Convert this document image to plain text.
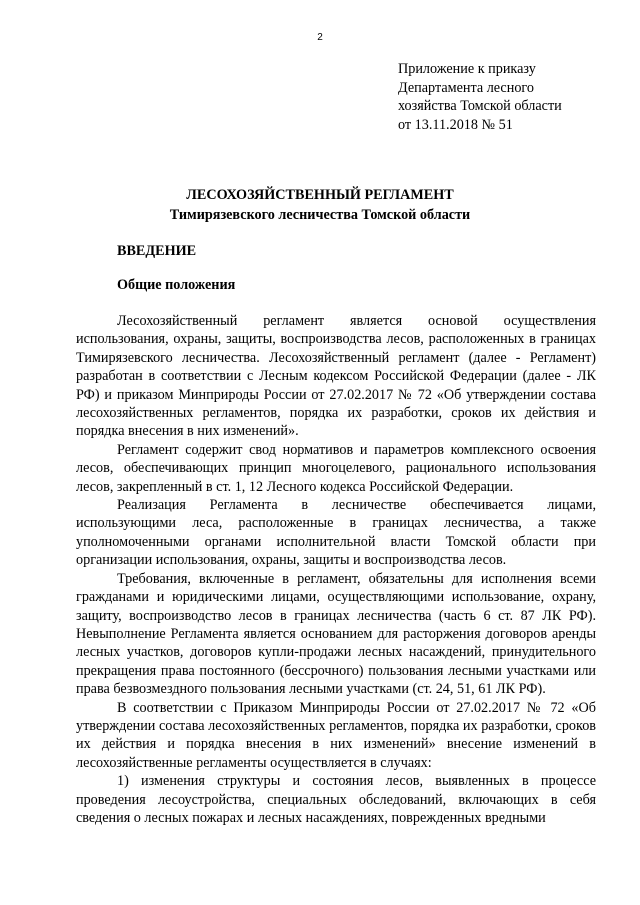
2
Приложение к приказу
Департамента лесного
хозяйства Томской области
от 13.11.2018 № 51
ЛЕСОХОЗЯЙСТВЕННЫЙ РЕГЛАМЕНТ
Тимирязевского лесничества Томской области
ВВЕДЕНИЕ
Общие положения

Лесохозяйственный регламент является основой осуществления использования, охраны, защиты, воспроизводства лесов, расположенных в границах Тимирязевского лесничества. Лесохозяйственный регламент (далее - Регламент) разработан в соответствии с Лесным кодексом Российской Федерации (далее - ЛК РФ) и приказом Минприроды России от 27.02.2017 № 72 «Об утверждении состава лесохозяйственных регламентов, порядка их разработки, сроков их действия и порядка внесения в них изменений».

Регламент содержит свод нормативов и параметров комплексного освоения лесов, обеспечивающих принцип многоцелевого, рационального использования лесов, закрепленный в ст. 1, 12 Лесного кодекса Российской Федерации.

Реализация Регламента в лесничестве обеспечивается лицами, использующими леса, расположенные в границах лесничества, а также уполномоченными органами исполнительной власти Томской области при организации использования, охраны, защиты и воспроизводства лесов.

Требования, включенные в регламент, обязательны для исполнения всеми гражданами и юридическими лицами, осуществляющими использование, охрану, защиту, воспроизводство лесов в границах лесничества (часть 6 ст. 87 ЛК РФ). Невыполнение Регламента является основанием для расторжения договоров аренды лесных участков, договоров купли-продажи лесных насаждений, принудительного прекращения права постоянного (бессрочного) пользования лесными участками или права безвозмездного пользования лесными участками (ст. 24, 51, 61 ЛК РФ).

В соответствии с Приказом Минприроды России от 27.02.2017 № 72 «Об утверждении состава лесохозяйственных регламентов, порядка их разработки, сроков их действия и порядка внесения в них изменений» внесение изменений в лесохозяйственные регламенты осуществляется в случаях:

1) изменения структуры и состояния лесов, выявленных в процессе проведения лесоустройства, специальных обследований, включающих в себя сведения о лесных пожарах и лесных насаждениях, поврежденных вредными
